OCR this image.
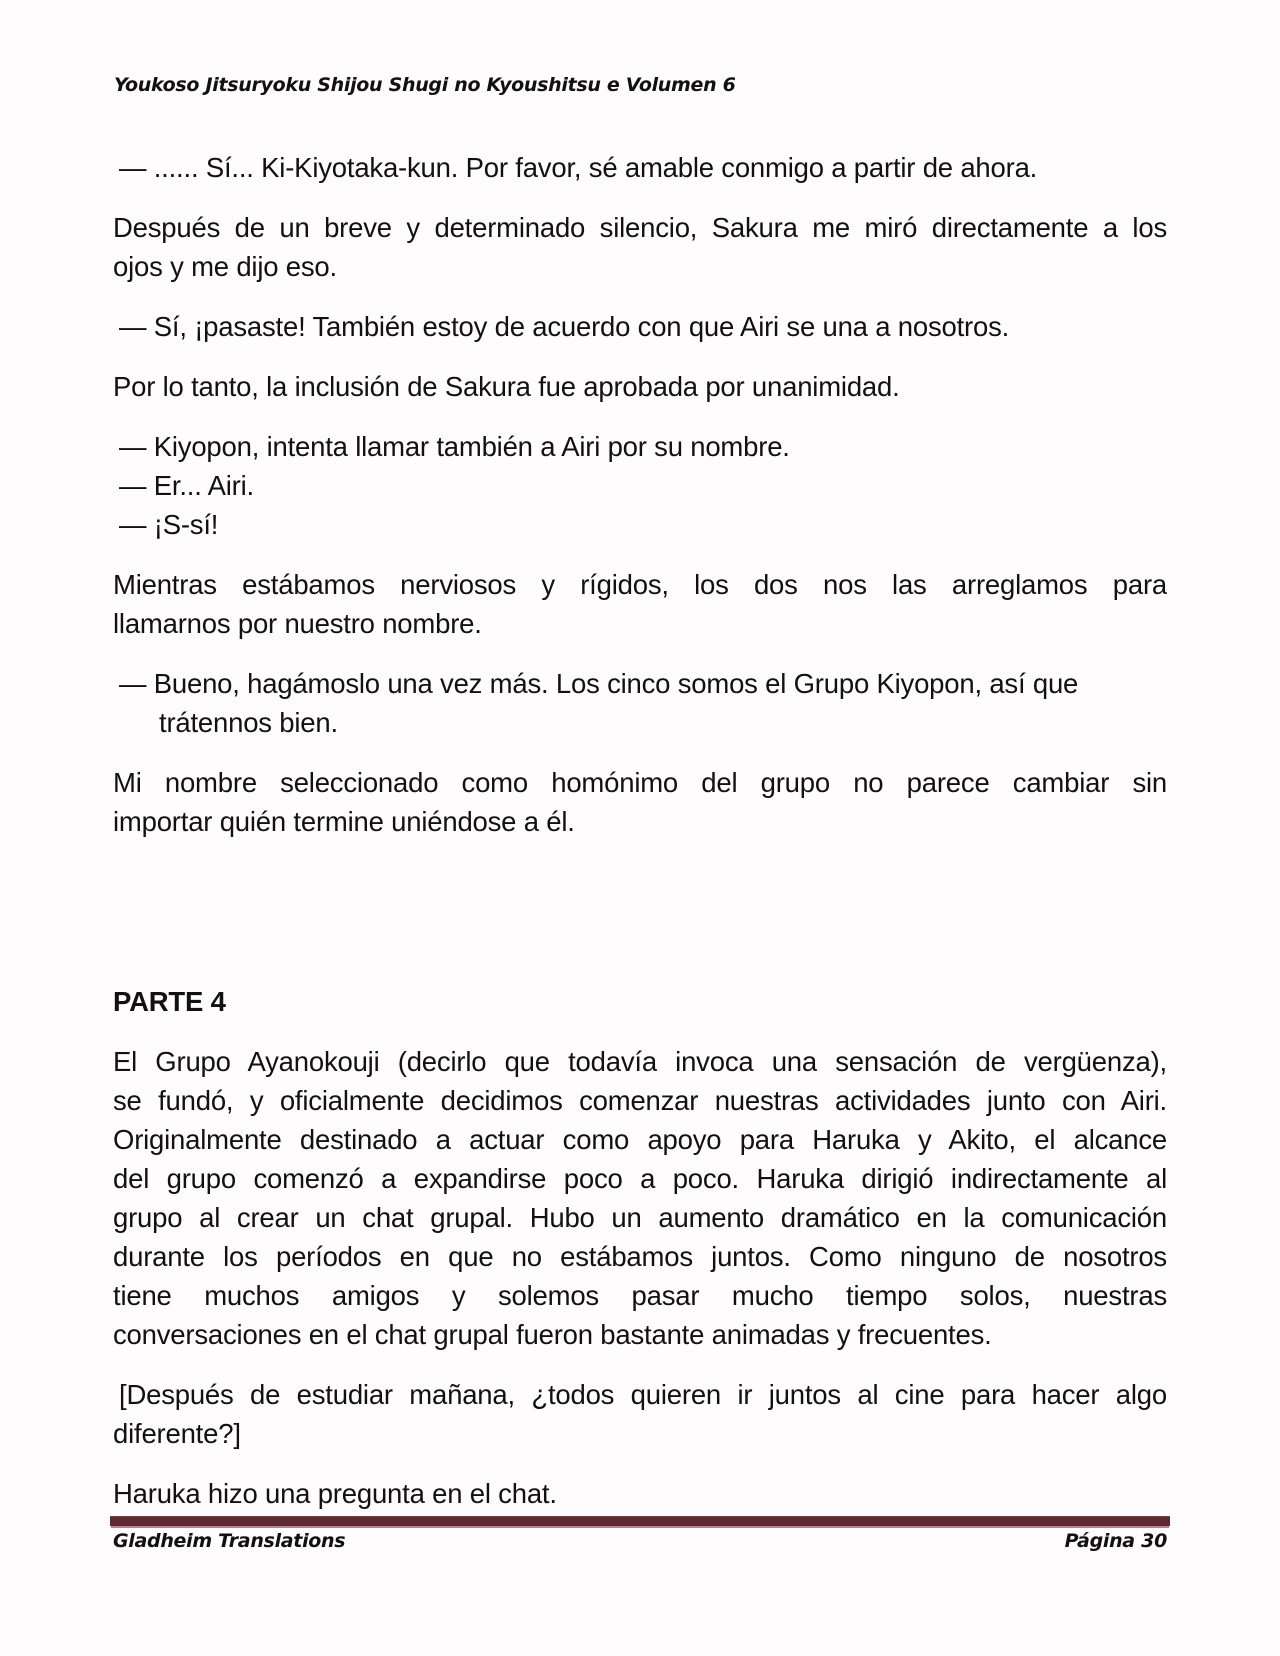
Youkoso Jitsuryoku Shijou Shugi no Kyoushitsu e Volumen 6
— ...... Sí... Ki-Kiyotaka-kun. Por favor, sé amable conmigo a partir de ahora.
Después de un breve y determinado silencio, Sakura me miró directamente a los
ojos y me dijo eso.
— Sí, ¡pasaste! También estoy de acuerdo con que Airi se una a nosotros.
Por lo tanto, la inclusión de Sakura fue aprobada por unanimidad.
— Kiyopon, intenta llamar también a Airi por su nombre.
— Er... Airi.
— ¡S-sí!
Mientras estábamos nerviosos y rígidos, los dos nos las arreglamos para
llamarnos por nuestro nombre.
— Bueno, hagámoslo una vez más. Los cinco somos el Grupo Kiyopon, así que
trátennos bien.
Mi nombre seleccionado como homónimo del grupo no parece cambiar sin
importar quién termine uniéndose a él.
PARTE 4
El Grupo Ayanokouji (decirlo que todavía invoca una sensación de vergüenza),
se fundó, y oficialmente decidimos comenzar nuestras actividades junto con Airi.
Originalmente destinado a actuar como apoyo para Haruka y Akito, el alcance
del grupo comenzó a expandirse poco a poco. Haruka dirigió indirectamente al
grupo al crear un chat grupal. Hubo un aumento dramático en la comunicación
durante los períodos en que no estábamos juntos. Como ninguno de nosotros
tiene muchos amigos y solemos pasar mucho tiempo solos, nuestras
conversaciones en el chat grupal fueron bastante animadas y frecuentes.
[Después de estudiar mañana, ¿todos quieren ir juntos al cine para hacer algo
diferente?]
Haruka hizo una pregunta en el chat.
Gladheim Translations	Página 30
